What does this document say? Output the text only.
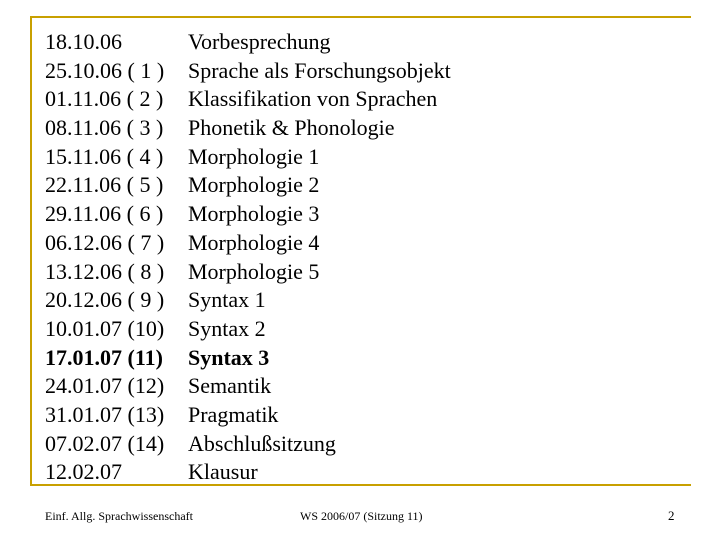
18.10.06	Vorbesprechung
25.10.06 ( 1 )	Sprache als Forschungsobjekt
01.11.06 ( 2 )	Klassifikation von Sprachen
08.11.06 ( 3 )	Phonetik & Phonologie
15.11.06 ( 4 )	Morphologie 1
22.11.06 ( 5 )	Morphologie 2
29.11.06 ( 6 )	Morphologie 3
06.12.06 ( 7 )	Morphologie 4
13.12.06 ( 8 )	Morphologie 5
20.12.06 ( 9 )	Syntax 1
10.01.07 (10)	Syntax 2
17.01.07 (11)	Syntax 3
24.01.07 (12)	Semantik
31.01.07 (13)	Pragmatik
07.02.07 (14)	Abschlußsitzung
12.02.07	Klausur
Einf. Allg. Sprachwissenschaft	WS 2006/07 (Sitzung 11)	2
